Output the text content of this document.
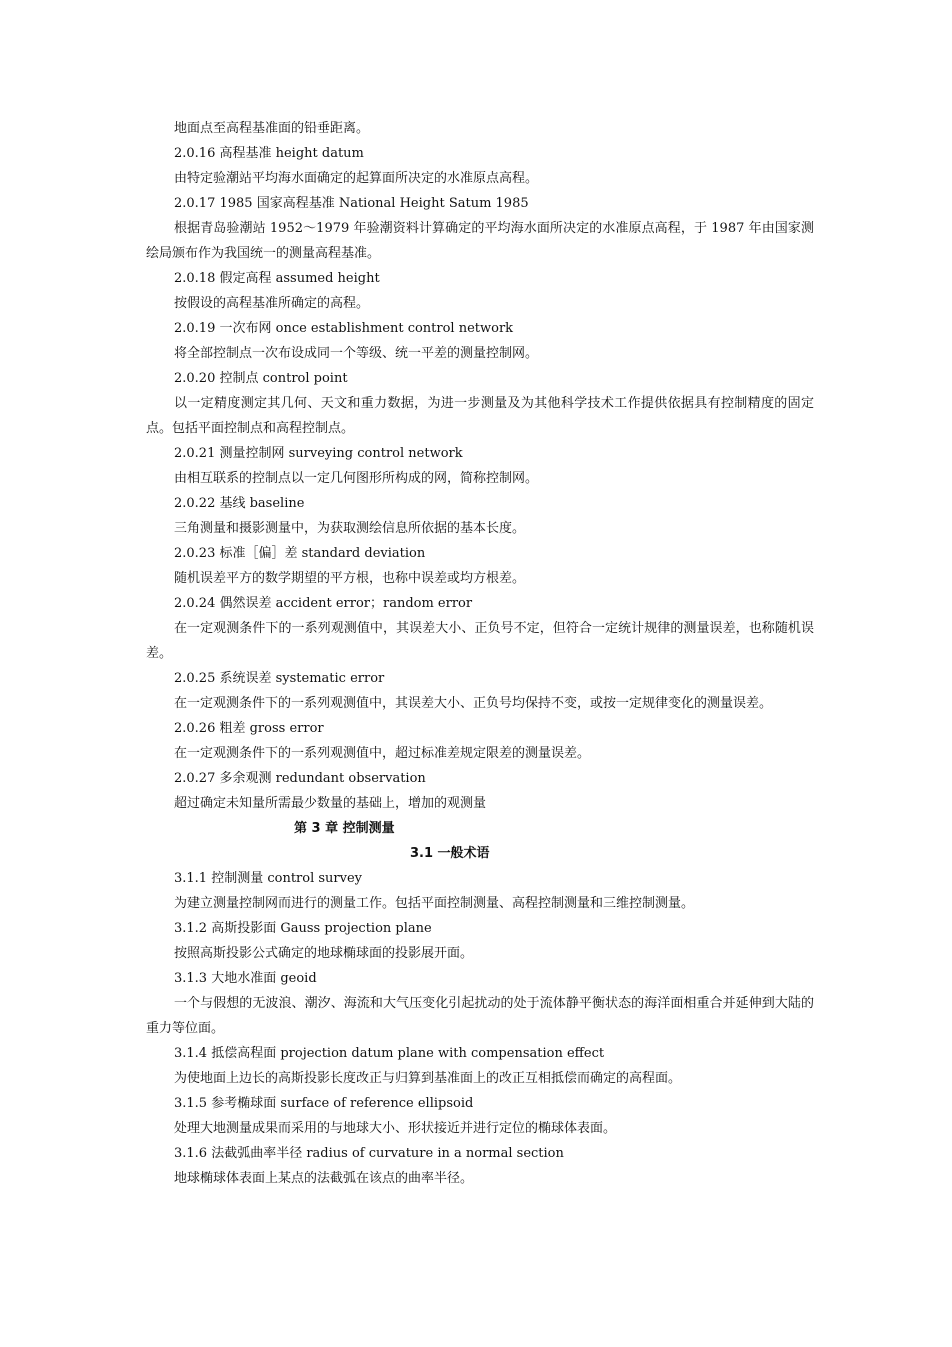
地面点至高程基准面的铅垂距离。
2.0.16 高程基准 height datum
由特定验潮站平均海水面确定的起算面所决定的水准原点高程。
2.0.17 1985 国家高程基准 National Height Satum 1985
根据青岛验潮站 1952～1979 年验潮资料计算确定的平均海水面所决定的水准原点高程，于 1987 年由国家测绘局颁布作为我国统一的测量高程基准。
2.0.18 假定高程 assumed height
按假设的高程基准所确定的高程。
2.0.19 一次布网 once establishment control network
将全部控制点一次布设成同一个等级、统一平差的测量控制网。
2.0.20 控制点 control point
以一定精度测定其几何、天文和重力数据，为进一步测量及为其他科学技术工作提供依据具有控制精度的固定点。包括平面控制点和高程控制点。
2.0.21 测量控制网 surveying control network
由相互联系的控制点以一定几何图形所构成的网，简称控制网。
2.0.22 基线 baseline
三角测量和摄影测量中，为获取测绘信息所依据的基本长度。
2.0.23 标准［偏］差 standard deviation
随机误差平方的数学期望的平方根，也称中误差或均方根差。
2.0.24 偶然误差 accident error；random error
在一定观测条件下的一系列观测值中，其误差大小、正负号不定，但符合一定统计规律的测量误差，也称随机误差。
2.0.25 系统误差 systematic error
在一定观测条件下的一系列观测值中，其误差大小、正负号均保持不变，或按一定规律变化的测量误差。
2.0.26 粗差 gross error
在一定观测条件下的一系列观测值中，超过标准差规定限差的测量误差。
2.0.27 多余观测 redundant observation
超过确定未知量所需最少数量的基础上，增加的观测量
第 3 章 控制测量
3.1 一般术语
3.1.1 控制测量 control survey
为建立测量控制网而进行的测量工作。包括平面控制测量、高程控制测量和三维控制测量。
3.1.2 高斯投影面 Gauss projection plane
按照高斯投影公式确定的地球椭球面的投影展开面。
3.1.3 大地水准面 geoid
一个与假想的无波浪、潮汐、海流和大气压变化引起扰动的处于流体静平衡状态的海洋面相重合并延伸到大陆的重力等位面。
3.1.4 抵偿高程面 projection datum plane with compensation effect
为使地面上边长的高斯投影长度改正与归算到基准面上的改正互相抵偿而确定的高程面。
3.1.5 参考椭球面 surface of reference ellipsoid
处理大地测量成果而采用的与地球大小、形状接近并进行定位的椭球体表面。
3.1.6 法截弧曲率半径 radius of curvature in a normal section
地球椭球体表面上某点的法截弧在该点的曲率半径。
